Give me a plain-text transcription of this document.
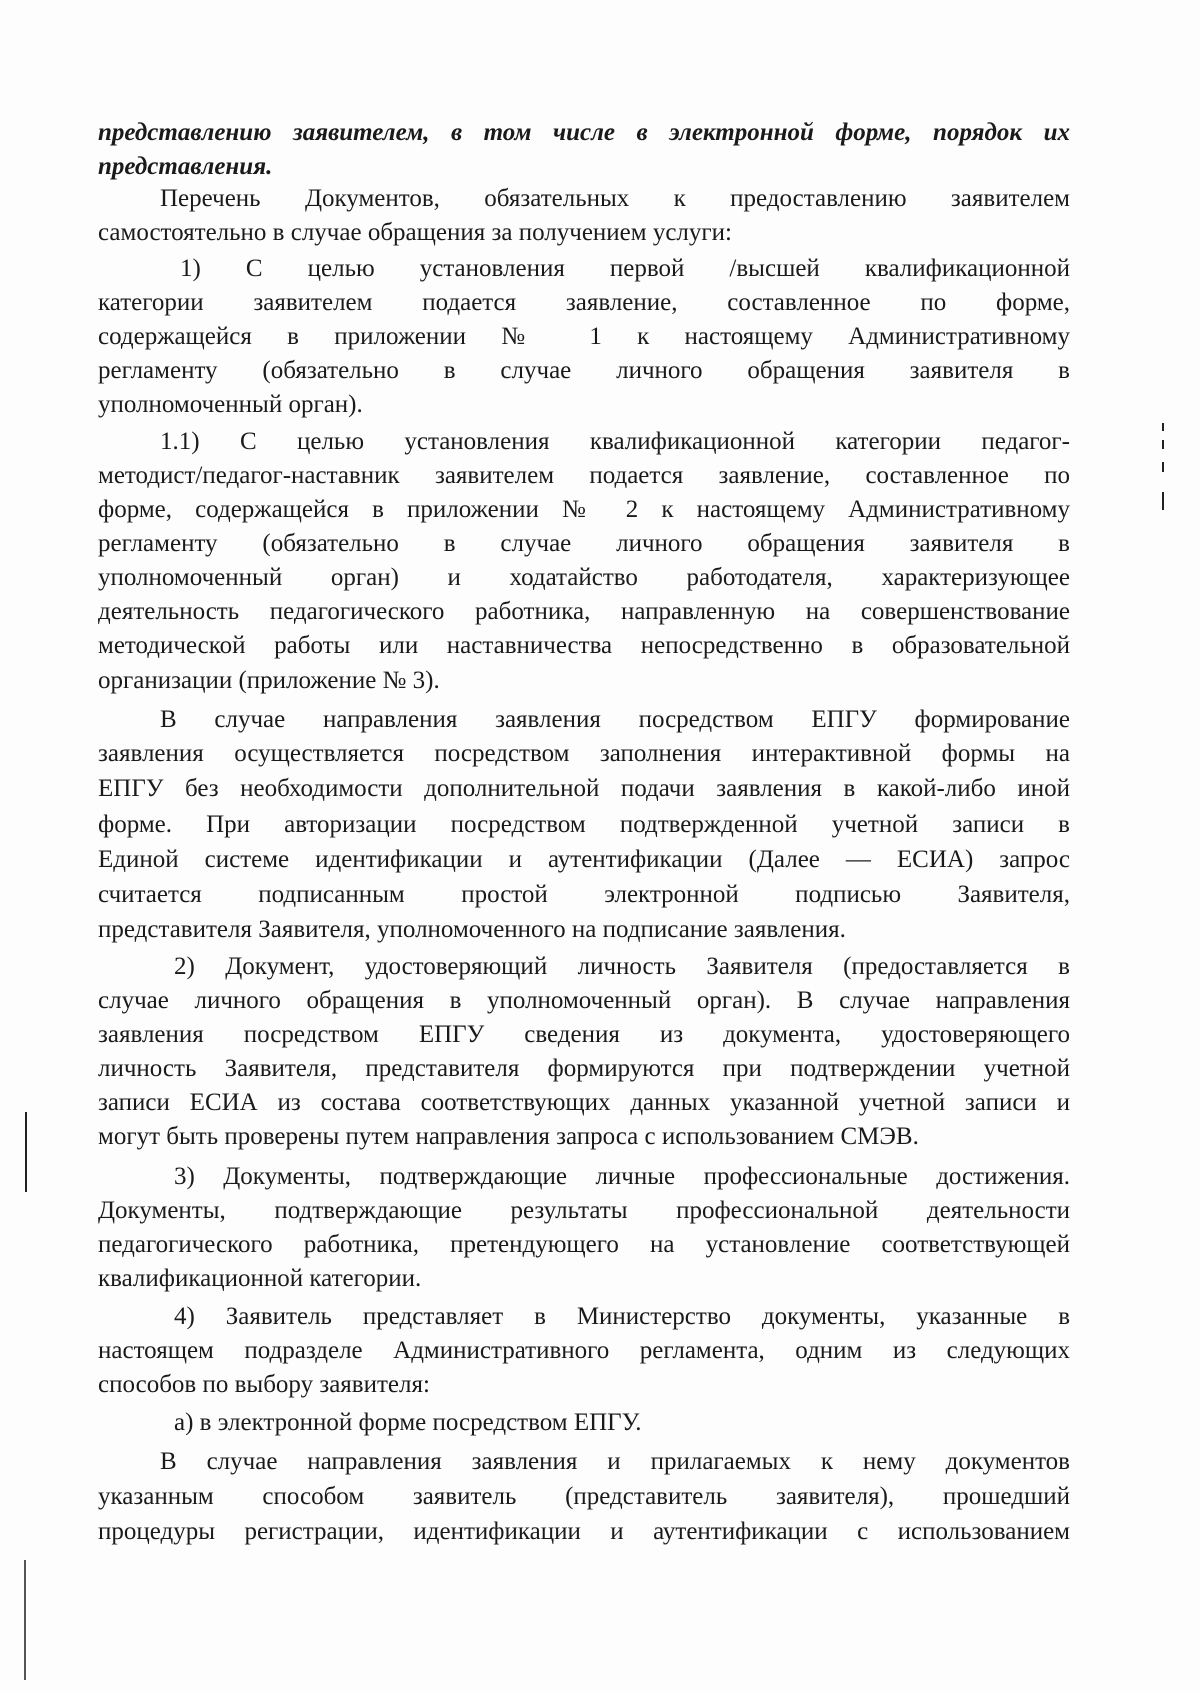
представлению заявителем, в том числе в электронной форме, порядок их
представления.
Перечень Документов, обязательных к предоставлению заявителем
самостоятельно в случае обращения за получением услуги:
1) С целью установления первой /высшей квалификационной
категории заявителем подается заявление, составленное по форме,
содержащейся в приложении № 1 к настоящему Административному
регламенту (обязательно в случае личного обращения заявителя в
уполномоченный орган).
1.1) С целью установления квалификационной категории педагог-
методист/педагог-наставник заявителем подается заявление, составленное по
форме, содержащейся в приложении № 2 к настоящему Административному
регламенту (обязательно в случае личного обращения заявителя в
уполномоченный орган) и ходатайство работодателя, характеризующее
деятельность педагогического работника, направленную на совершенствование
методической работы или наставничества непосредственно в образовательной
организации (приложение № 3).
В случае направления заявления посредством ЕПГУ формирование
заявления осуществляется посредством заполнения интерактивной формы на
ЕПГУ без необходимости дополнительной подачи заявления в какой-либо иной
форме. При авторизации посредством подтвержденной учетной записи в
Единой системе идентификации и аутентификации (Далее — ЕСИА) запрос
считается подписанным простой электронной подписью Заявителя,
представителя Заявителя, уполномоченного на подписание заявления.
2) Документ, удостоверяющий личность Заявителя (предоставляется в
случае личного обращения в уполномоченный орган). В случае направления
заявления посредством ЕПГУ сведения из документа, удостоверяющего
личность Заявителя, представителя формируются при подтверждении учетной
записи ЕСИА из состава соответствующих данных указанной учетной записи и
могут быть проверены путем направления запроса с использованием СМЭВ.
3) Документы, подтверждающие личные профессиональные достижения.
Документы, подтверждающие результаты профессиональной деятельности
педагогического работника, претендующего на установление соответствующей
квалификационной категории.
4) Заявитель представляет в Министерство документы, указанные в
настоящем подразделе Административного регламента, одним из следующих
способов по выбору заявителя:
а) в электронной форме посредством ЕПГУ.
В случае направления заявления и прилагаемых к нему документов
указанным способом заявитель (представитель заявителя), прошедший
процедуры регистрации, идентификации и аутентификации с использованием
